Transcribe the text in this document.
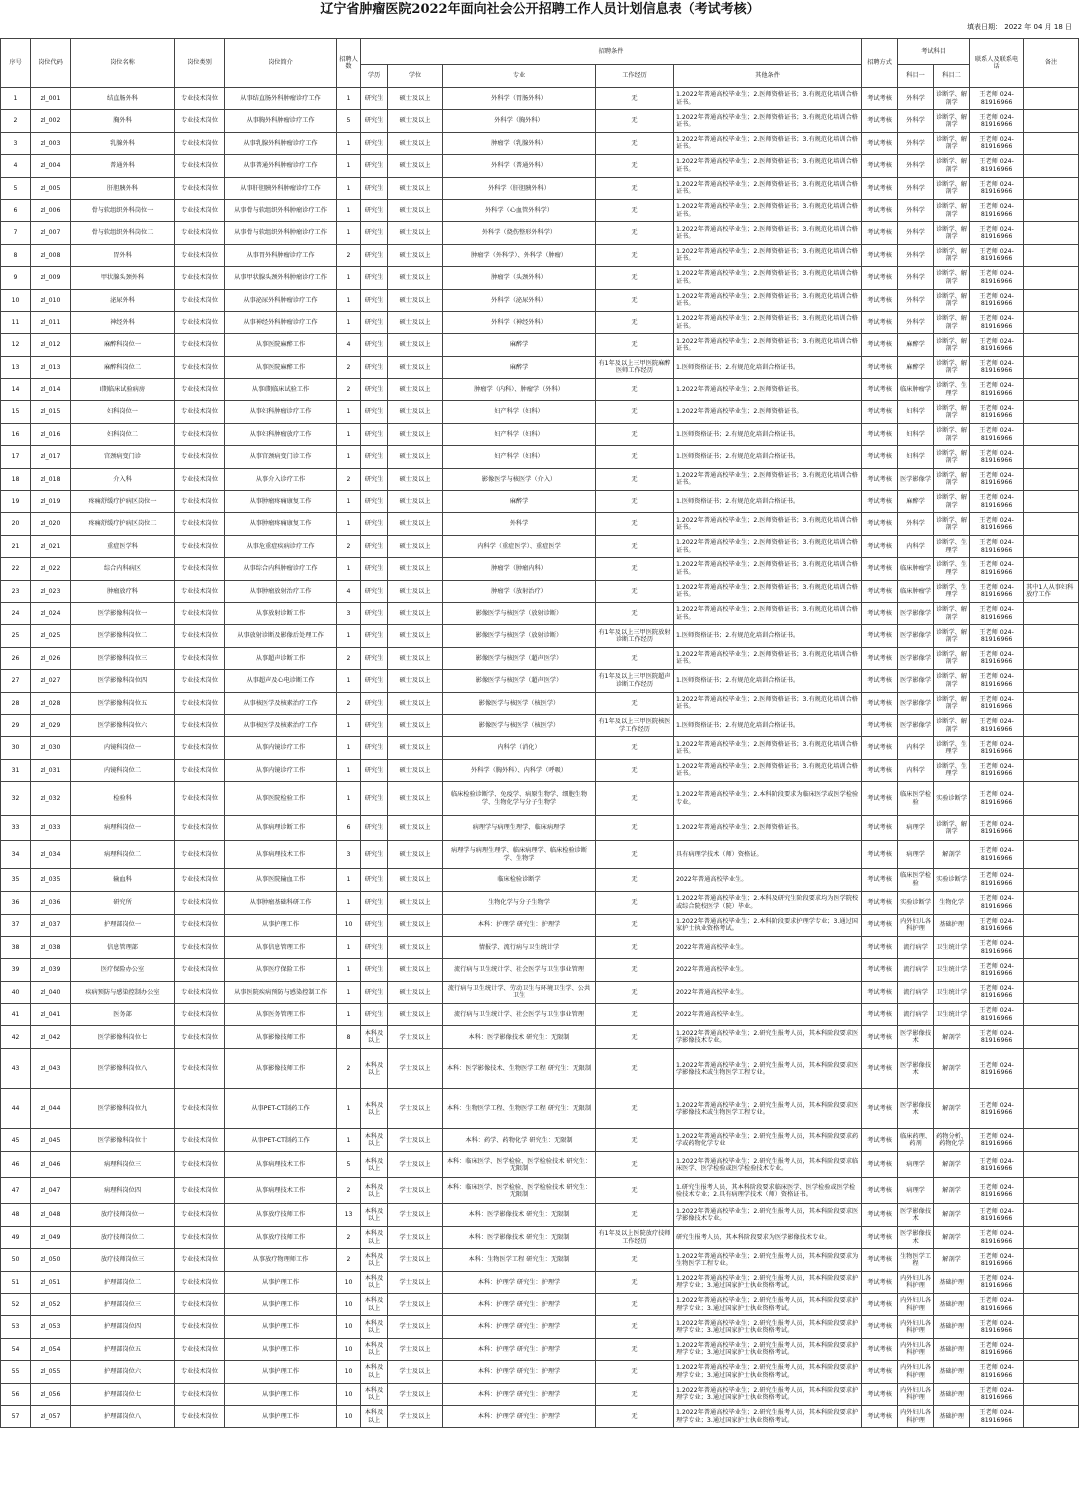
辽宁省肿瘤医院2022年面向社会公开招聘工作人员计划信息表（考试考核）
填表日期： 2022 年 04 月 18 日
序号	岗位代码	岗位名称	岗位类别	岗位简介	招聘人数	招聘条件					招聘方式	考试科目		联系人及联系电话	备注
						学历	学位	专业	工作经历	其他条件		科目一	科目二		
1	zl_001	结直肠外科	专业技术岗位	从事结直肠外科肿瘤诊疗工作	1	研究生	硕士及以上	外科学（胃肠外科）	无	1.2022年普通高校毕业生；2.医师资格证书；3.有规范化培训合格证书。	考试考核	外科学	诊断学、解剖学	王老师 024-81916966	
2	zl_002	胸外科	专业技术岗位	从事胸外科肿瘤诊疗工作	5	研究生	硕士及以上	外科学（胸外科）	无	1.2022年普通高校毕业生；2.医师资格证书；3.有规范化培训合格证书。	考试考核	外科学	诊断学、解剖学	王老师 024-81916966	
3	zl_003	乳腺外科	专业技术岗位	从事乳腺外科肿瘤诊疗工作	1	研究生	硕士及以上	肿瘤学（乳腺外科）	无	1.2022年普通高校毕业生；2.医师资格证书；3.有规范化培训合格证书。	考试考核	外科学	诊断学、解剖学	王老师 024-81916966	
4	zl_004	普通外科	专业技术岗位	从事普通外科肿瘤诊疗工作	1	研究生	硕士及以上	外科学（普通外科）	无	1.2022年普通高校毕业生；2.医师资格证书；3.有规范化培训合格证书。	考试考核	外科学	诊断学、解剖学	王老师 024-81916966	
5	zl_005	肝胆胰外科	专业技术岗位	从事肝胆胰外科肿瘤诊疗工作	1	研究生	硕士及以上	外科学（肝胆胰外科）	无	1.2022年普通高校毕业生；2.医师资格证书；3.有规范化培训合格证书。	考试考核	外科学	诊断学、解剖学	王老师 024-81916966	
6	zl_006	骨与软组织外科岗位一	专业技术岗位	从事骨与软组织外科肿瘤诊疗工作	1	研究生	硕士及以上	外科学（心血管外科学）	无	1.2022年普通高校毕业生；2.医师资格证书；3.有规范化培训合格证书。	考试考核	外科学	诊断学、解剖学	王老师 024-81916966	
7	zl_007	骨与软组织外科岗位二	专业技术岗位	从事骨与软组织外科肿瘤诊疗工作	1	研究生	硕士及以上	外科学（烧伤整形外科学）	无	1.2022年普通高校毕业生；2.医师资格证书；3.有规范化培训合格证书。	考试考核	外科学	诊断学、解剖学	王老师 024-81916966	
8	zl_008	胃外科	专业技术岗位	从事胃外科肿瘤诊疗工作	2	研究生	硕士及以上	肿瘤学（外科学）、外科学（肿瘤）	无	1.2022年普通高校毕业生；2.医师资格证书；3.有规范化培训合格证书。	考试考核	外科学	诊断学、解剖学	王老师 024-81916966	
9	zl_009	甲状腺头颈外科	专业技术岗位	从事甲状腺头颈外科肿瘤诊疗工作	1	研究生	硕士及以上	肿瘤学（头颈外科）	无	1.2022年普通高校毕业生；2.医师资格证书；3.有规范化培训合格证书。	考试考核	外科学	诊断学、解剖学	王老师 024-81916966	
10	zl_010	泌尿外科	专业技术岗位	从事泌尿外科肿瘤诊疗工作	1	研究生	硕士及以上	外科学（泌尿外科）	无	1.2022年普通高校毕业生；2.医师资格证书；3.有规范化培训合格证书。	考试考核	外科学	诊断学、解剖学	王老师 024-81916966	
11	zl_011	神经外科	专业技术岗位	从事神经外科肿瘤诊疗工作	1	研究生	硕士及以上	外科学（神经外科）	无	1.2022年普通高校毕业生；2.医师资格证书；3.有规范化培训合格证书。	考试考核	外科学	诊断学、解剖学	王老师 024-81916966	
12	zl_012	麻醉科岗位一	专业技术岗位	从事医院麻醉工作	4	研究生	硕士及以上	麻醉学	无	1.2022年普通高校毕业生；2.医师资格证书；3.有规范化培训合格证书。	考试考核	麻醉学	诊断学、解剖学	王老师 024-81916966	
13	zl_013	麻醉科岗位二	专业技术岗位	从事医院麻醉工作	2	研究生	硕士及以上	麻醉学	有1年及以上三甲医院麻醉医师工作经历	1.医师资格证书；2.有规范化培训合格证书。	考试考核	麻醉学	诊断学、解剖学	王老师 024-81916966	
14	zl_014	I期临床试验病房	专业技术岗位	从事I期临床试验工作	2	研究生	硕士及以上	肿瘤学（内科）、肿瘤学（外科）	无	1.2022年普通高校毕业生；2.医师资格证书。	考试考核	临床肿瘤学	诊断学、生理学	王老师 024-81916966	
15	zl_015	妇科岗位一	专业技术岗位	从事妇科肿瘤诊疗工作	1	研究生	硕士及以上	妇产科学（妇科）	无	1.2022年普通高校毕业生；2.医师资格证书。	考试考核	妇科学	诊断学、解剖学	王老师 024-81916966	
16	zl_016	妇科岗位二	专业技术岗位	从事妇科肿瘤放疗工作	1	研究生	硕士及以上	妇产科学（妇科）	无	1.医师资格证书；2.有规范化培训合格证书。	考试考核	妇科学	诊断学、解剖学	王老师 024-81916966	
17	zl_017	宫颈病变门诊	专业技术岗位	从事宫颈病变门诊工作	1	研究生	硕士及以上	妇产科学（妇科）	无	1.医师资格证书；2.有规范化培训合格证书。	考试考核	妇科学	诊断学、解剖学	王老师 024-81916966	
18	zl_018	介入科	专业技术岗位	从事介入诊疗工作	2	研究生	硕士及以上	影像医学与核医学（介入）	无	1.2022年普通高校毕业生；2.医师资格证书；3.有规范化培训合格证书。	考试考核	医学影像学	诊断学、解剖学	王老师 024-81916966	
19	zl_019	疼痛舒缓疗护病区岗位一	专业技术岗位	从事肿瘤疼痛康复工作	1	研究生	硕士及以上	麻醉学	无	1.医师资格证书；2.有规范化培训合格证书。	考试考核	麻醉学	诊断学、解剖学	王老师 024-81916966	
20	zl_020	疼痛舒缓疗护病区岗位二	专业技术岗位	从事肿瘤疼痛康复工作	1	研究生	硕士及以上	外科学	无	1.2022年普通高校毕业生；2.医师资格证书；3.有规范化培训合格证书。	考试考核	外科学	诊断学、解剖学	王老师 024-81916966	
21	zl_021	重症医学科	专业技术岗位	从事危重症疾病诊疗工作	2	研究生	硕士及以上	内科学（重症医学）、重症医学	无	1.2022年普通高校毕业生；2.医师资格证书；3.有规范化培训合格证书。	考试考核	内科学	诊断学、生理学	王老师 024-81916966	
22	zl_022	综合内科病区	专业技术岗位	从事综合内科肿瘤诊疗工作	1	研究生	硕士及以上	肿瘤学（肿瘤内科）	无	1.2022年普通高校毕业生；2.医师资格证书；3.有规范化培训合格证书。	考试考核	临床肿瘤学	诊断学、生理学	王老师 024-81916966	
23	zl_023	肿瘤放疗科	专业技术岗位	从事肿瘤放射治疗工作	4	研究生	硕士及以上	肿瘤学（放射治疗）	无	1.2022年普通高校毕业生；2.医师资格证书；3.有规范化培训合格证书。	考试考核	临床肿瘤学	诊断学、生理学	王老师 024-81916966	其中1人从事妇科放疗工作
24	zl_024	医学影像科岗位一	专业技术岗位	从事放射诊断工作	3	研究生	硕士及以上	影像医学与核医学（放射诊断）	无	1.2022年普通高校毕业生；2.医师资格证书；3.有规范化培训合格证书。	考试考核	医学影像学	诊断学、解剖学	王老师 024-81916966	
25	zl_025	医学影像科岗位二	专业技术岗位	从事放射诊断及影像后处理工作	1	研究生	硕士及以上	影像医学与核医学（放射诊断）	有1年及以上三甲医院放射诊断工作经历	1.医师资格证书；2.有规范化培训合格证书。	考试考核	医学影像学	诊断学、解剖学	王老师 024-81916966	
26	zl_026	医学影像科岗位三	专业技术岗位	从事超声诊断工作	2	研究生	硕士及以上	影像医学与核医学（超声医学）	无	1.2022年普通高校毕业生；2.医师资格证书；3.有规范化培训合格证书。	考试考核	医学影像学	诊断学、解剖学	王老师 024-81916966	
27	zl_027	医学影像科岗位四	专业技术岗位	从事超声及心电诊断工作	1	研究生	硕士及以上	影像医学与核医学（超声医学）	有1年及以上三甲医院超声诊断工作经历	1.医师资格证书；2.有规范化培训合格证书。	考试考核	医学影像学	诊断学、解剖学	王老师 024-81916966	
28	zl_028	医学影像科岗位五	专业技术岗位	从事核医学及核素治疗工作	2	研究生	硕士及以上	影像医学与核医学（核医学）	无	1.2022年普通高校毕业生；2.医师资格证书；3.有规范化培训合格证书。	考试考核	医学影像学	诊断学、解剖学	王老师 024-81916966	
29	zl_029	医学影像科岗位六	专业技术岗位	从事核医学及核素治疗工作	1	研究生	硕士及以上	影像医学与核医学（核医学）	有1年及以上三甲医院核医学工作经历	1.医师资格证书；2.有规范化培训合格证书。	考试考核	医学影像学	诊断学、解剖学	王老师 024-81916966	
30	zl_030	内镜科岗位一	专业技术岗位	从事内镜诊疗工作	1	研究生	硕士及以上	内科学（消化）	无	1.2022年普通高校毕业生；2.医师资格证书；3.有规范化培训合格证书。	考试考核	内科学	诊断学、生理学	王老师 024-81916966	
31	zl_031	内镜科岗位二	专业技术岗位	从事内镜诊疗工作	1	研究生	硕士及以上	外科学（胸外科）、内科学（呼吸）	无	1.2022年普通高校毕业生；2.医师资格证书；3.有规范化培训合格证书。	考试考核	内科学	诊断学、生理学	王老师 024-81916966	
32	zl_032	检验科	专业技术岗位	从事医院检验工作	1	研究生	硕士及以上	临床检验诊断学、免疫学、病原生物学、细胞生物学、生物化学与分子生物学	无	1.2022年普通高校毕业生；2.本科阶段要求为临床医学或医学检验专业。	考试考核	临床医学检验	实验诊断学	王老师 024-81916966	
33	zl_033	病理科岗位一	专业技术岗位	从事病理诊断工作	6	研究生	硕士及以上	病理学与病理生理学、临床病理学	无	1.2022年普通高校毕业生；2.医师资格证书。	考试考核	病理学	诊断学、解剖学	王老师 024-81916966	
34	zl_034	病理科岗位二	专业技术岗位	从事病理技术工作	3	研究生	硕士及以上	病理学与病理生理学、临床病理学、临床检验诊断学、生物学	无	具有病理学技术（师）资格证。	考试考核	病理学	解剖学	王老师 024-81916966	
35	zl_035	输血科	专业技术岗位	从事医院输血工作	1	研究生	硕士及以上	临床检验诊断学	无	2022年普通高校毕业生。	考试考核	临床医学检验	实验诊断学	王老师 024-81916966	
36	zl_036	研究所	专业技术岗位	从事肿瘤基础科研工作	1	研究生	硕士及以上	生物化学与分子生物学	无	1.2022年普通高校毕业生；2.本科及研究生阶段要求均为医学院校或综合院校医学（院）毕业。	考试考核	实验诊断学	生物化学	王老师 024-81916966	
37	zl_037	护理部岗位一	专业技术岗位	从事护理工作	10	研究生	硕士及以上	本科：护理学 研究生：护理学	无	1.2022年普通高校毕业生；2.本科阶段要求护理学专业；3.通过国家护士执业资格考试。	考试考核	内外妇儿各科护理	基础护理	王老师 024-81916966	
38	zl_038	信息管理部	专业技术岗位	从事信息管理工作	1	研究生	硕士及以上	情报学、流行病与卫生统计学	无	2022年普通高校毕业生。	考试考核	流行病学	卫生统计学	王老师 024-81916966	
39	zl_039	医疗保险办公室	专业技术岗位	从事医疗保险工作	1	研究生	硕士及以上	流行病与卫生统计学、社会医学与卫生事业管理	无	2022年普通高校毕业生。	考试考核	流行病学	卫生统计学	王老师 024-81916966	
40	zl_040	疾病预防与感染控制办公室	专业技术岗位	从事医院疾病预防与感染控制工作	1	研究生	硕士及以上	流行病与卫生统计学、劳动卫生与环境卫生学、公共卫生	无	2022年普通高校毕业生。	考试考核	流行病学	卫生统计学	王老师 024-81916966	
41	zl_041	医务部	专业技术岗位	从事医务管理工作	1	研究生	硕士及以上	流行病与卫生统计学、社会医学与卫生事业管理	无	2022年普通高校毕业生。	考试考核	流行病学	卫生统计学	王老师 024-81916966	
42	zl_042	医学影像科岗位七	专业技术岗位	从事影像技师工作	8	本科及以上	学士及以上	本科：医学影像技术 研究生：无限制	无	1.2022年普通高校毕业生；2.研究生报考人员，其本科阶段要求医学影像技术专业。	考试考核	医学影像技术	解剖学	王老师 024-81916966	
43	zl_043	医学影像科岗位八	专业技术岗位	从事影像技师工作	2	本科及以上	学士及以上	本科：医学影像技术、生物医学工程 研究生：无限制	无	1.2022年普通高校毕业生；2.研究生报考人员，其本科阶段要求医学影像技术或生物医学工程专业。	考试考核	医学影像技术	解剖学	王老师 024-81916966	
44	zl_044	医学影像科岗位九	专业技术岗位	从事PET-CT制药工作	1	本科及以上	学士及以上	本科：生物医学工程、生物医学工程 研究生：无限制	无	1.2022年普通高校毕业生；2.研究生报考人员，其本科阶段要求医学影像技术或生物医学工程专业。	考试考核	医学影像技术	解剖学	王老师 024-81916966	
45	zl_045	医学影像科岗位十	专业技术岗位	从事PET-CT制药工作	1	本科及以上	学士及以上	本科：药学、药物化学 研究生：无限制	无	1.2022年普通高校毕业生；2.研究生报考人员，其本科阶段要求药学或药物化学专业	考试考核	临床药理、药剂	药物分析、药物化学	王老师 024-81916966	
46	zl_046	病理科岗位三	专业技术岗位	从事病理技术工作	5	本科及以上	学士及以上	本科：临床医学、医学检验、医学检验技术 研究生：无限制	无	1.2022年普通高校毕业生；2.研究生报考人员，其本科阶段要求临床医学、医学检验或医学检验技术专业。	考试考核	病理学	解剖学	王老师 024-81916966	
47	zl_047	病理科岗位四	专业技术岗位	从事病理技术工作	2	本科及以上	学士及以上	本科：临床医学、医学检验、医学检验技术 研究生：无限制	无	1.研究生报考人员，其本科阶段要求临床医学、医学检验或医学检验技术专业；2.具有病理学技术（师）资格证书。	考试考核	病理学	解剖学	王老师 024-81916966	
48	zl_048	放疗技师岗位一	专业技术岗位	从事放疗技师工作	13	本科及以上	学士及以上	本科：医学影像技术 研究生：无限制	无	1.2022年普通高校毕业生；2.研究生报考人员，其本科阶段要求医学影像技术专业。	考试考核	医学影像技术	解剖学	王老师 024-81916966	
49	zl_049	放疗技师岗位二	专业技术岗位	从事放疗技师工作	2	本科及以上	学士及以上	本科：医学影像技术 研究生：无限制	有1年及以上医院放疗技师工作经历	研究生报考人员，其本科阶段要求为医学影像技术专业。	考试考核	医学影像技术	解剖学	王老师 024-81916966	
50	zl_050	放疗技师岗位三	专业技术岗位	从事放疗物理师工作	2	本科及以上	学士及以上	本科：生物医学工程 研究生：无限制	无	1.2022年普通高校毕业生；2.研究生报考人员，其本科阶段要求为生物医学工程专业。	考试考核	生物医学工程	解剖学	王老师 024-81916966	
51	zl_051	护理部岗位二	专业技术岗位	从事护理工作	10	本科及以上	学士及以上	本科：护理学 研究生：护理学	无	1.2022年普通高校毕业生；2.研究生报考人员，其本科阶段要求护理学专业；3.通过国家护士执业资格考试。	考试考核	内外妇儿各科护理	基础护理	王老师 024-81916966	
52	zl_052	护理部岗位三	专业技术岗位	从事护理工作	10	本科及以上	学士及以上	本科：护理学 研究生：护理学	无	1.2022年普通高校毕业生；2.研究生报考人员，其本科阶段要求护理学专业；3.通过国家护士执业资格考试。	考试考核	内外妇儿各科护理	基础护理	王老师 024-81916966	
53	zl_053	护理部岗位四	专业技术岗位	从事护理工作	10	本科及以上	学士及以上	本科：护理学 研究生：护理学	无	1.2022年普通高校毕业生；2.研究生报考人员，其本科阶段要求护理学专业；3.通过国家护士执业资格考试。	考试考核	内外妇儿各科护理	基础护理	王老师 024-81916966	
54	zl_054	护理部岗位五	专业技术岗位	从事护理工作	10	本科及以上	学士及以上	本科：护理学 研究生：护理学	无	1.2022年普通高校毕业生；2.研究生报考人员，其本科阶段要求护理学专业；3.通过国家护士执业资格考试。	考试考核	内外妇儿各科护理	基础护理	王老师 024-81916966	
55	zl_055	护理部岗位六	专业技术岗位	从事护理工作	10	本科及以上	学士及以上	本科：护理学 研究生：护理学	无	1.2022年普通高校毕业生；2.研究生报考人员，其本科阶段要求护理学专业；3.通过国家护士执业资格考试。	考试考核	内外妇儿各科护理	基础护理	王老师 024-81916966	
56	zl_056	护理部岗位七	专业技术岗位	从事护理工作	10	本科及以上	学士及以上	本科：护理学 研究生：护理学	无	1.2022年普通高校毕业生；2.研究生报考人员，其本科阶段要求护理学专业；3.通过国家护士执业资格考试。	考试考核	内外妇儿各科护理	基础护理	王老师 024-81916966	
57	zl_057	护理部岗位八	专业技术岗位	从事护理工作	10	本科及以上	学士及以上	本科：护理学 研究生：护理学	无	1.2022年普通高校毕业生；2.研究生报考人员，其本科阶段要求护理学专业；3.通过国家护士执业资格考试。	考试考核	内外妇儿各科护理	基础护理	王老师 024-81916966	
